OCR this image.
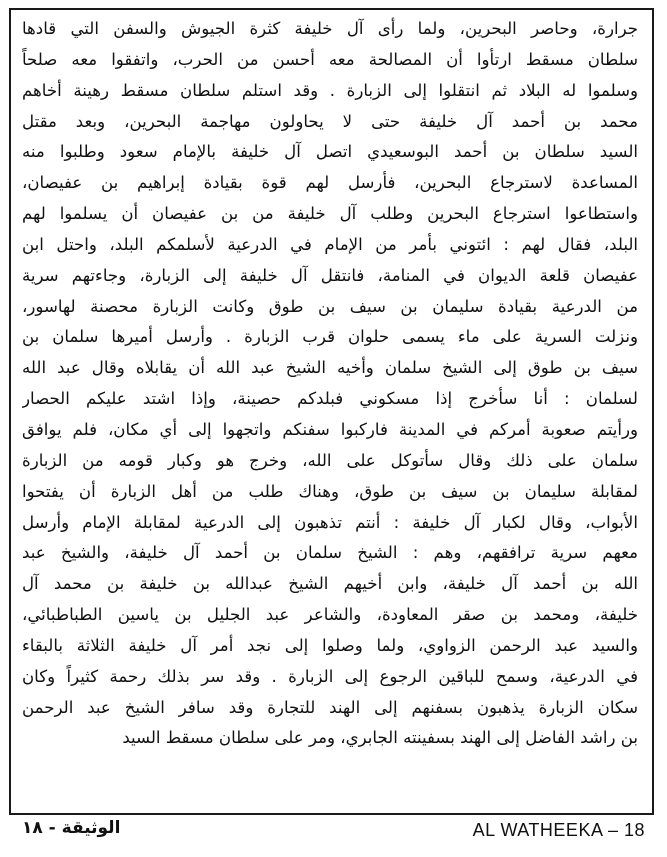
جرارة، وحاصر البحرين، ولما رأى آل خليفة كثرة الجيوش والسفن التي قادها
سلطان مسقط ارتأوا أن المصالحة معه أحسن من الحرب، واتفقوا معه صلحاً
وسلموا له البلاد ثم انتقلوا إلى الزبارة . وقد استلم سلطان مسقط رهينة أخاهم
محمد بن أحمد آل خليفة حتى لا يحاولون مهاجمة البحرين، وبعد مقتل
السيد سلطان بن أحمد البوسعيدي اتصل آل خليفة بالإمام سعود وطلبوا منه
المساعدة لاسترجاع البحرين، فأرسل لهم قوة بقيادة إبراهيم بن عفيصان،
واستطاعوا استرجاع البحرين وطلب آل خليفة من بن عفيصان أن يسلموا لهم
البلد، فقال لهم : ائتوني بأمر من الإمام في الدرعية لأسلمكم البلد، واحتل ابن
عفيصان قلعة الديوان في المنامة، فانتقل آل خليفة إلى الزبارة، وجاءتهم سرية
من الدرعية بقيادة سليمان بن سيف بن طوق وكانت الزبارة محصنة لهاسور،
ونزلت السرية على ماء يسمى حلوان قرب الزبارة . وأرسل أميرها سلمان بن
سيف بن طوق إلى الشيخ سلمان وأخيه الشيخ عبد الله أن يقابلاه وقال عبد الله
لسلمان : أنا سأخرج إذا مسكوني فبلدكم حصينة، وإذا اشتد عليكم الحصار
ورأيتم صعوبة أمركم في المدينة فاركبوا سفنكم واتجهوا إلى أي مكان، فلم يوافق
سلمان على ذلك وقال سأتوكل على الله، وخرج هو وكبار قومه من الزبارة
لمقابلة سليمان بن سيف بن طوق، وهناك طلب من أهل الزبارة أن يفتحوا
الأبواب، وقال لكبار آل خليفة : أنتم تذهبون إلى الدرعية لمقابلة الإمام وأرسل
معهم سرية ترافقهم، وهم : الشيخ سلمان بن أحمد آل خليفة، والشيخ عبد
الله بن أحمد آل خليفة، وابن أخيهم الشيخ عبدالله بن خليفة بن محمد آل
خليفة، ومحمد بن صقر المعاودة، والشاعر عبد الجليل بن ياسين الطباطبائي،
والسيد عبد الرحمن الزواوي، ولما وصلوا إلى نجد أمر آل خليفة الثلاثة بالبقاء
في الدرعية، وسمح للباقين الرجوع إلى الزبارة . وقد سر بذلك رحمة كثيراً وكان
سكان الزبارة يذهبون بسفنهم إلى الهند للتجارة وقد سافر الشيخ عبد الرحمن
بن راشد الفاضل إلى الهند بسفينته الجابري، ومر على سلطان مسقط السيد
الوثيقة - ١٨	AL WATHEEKA – 18
